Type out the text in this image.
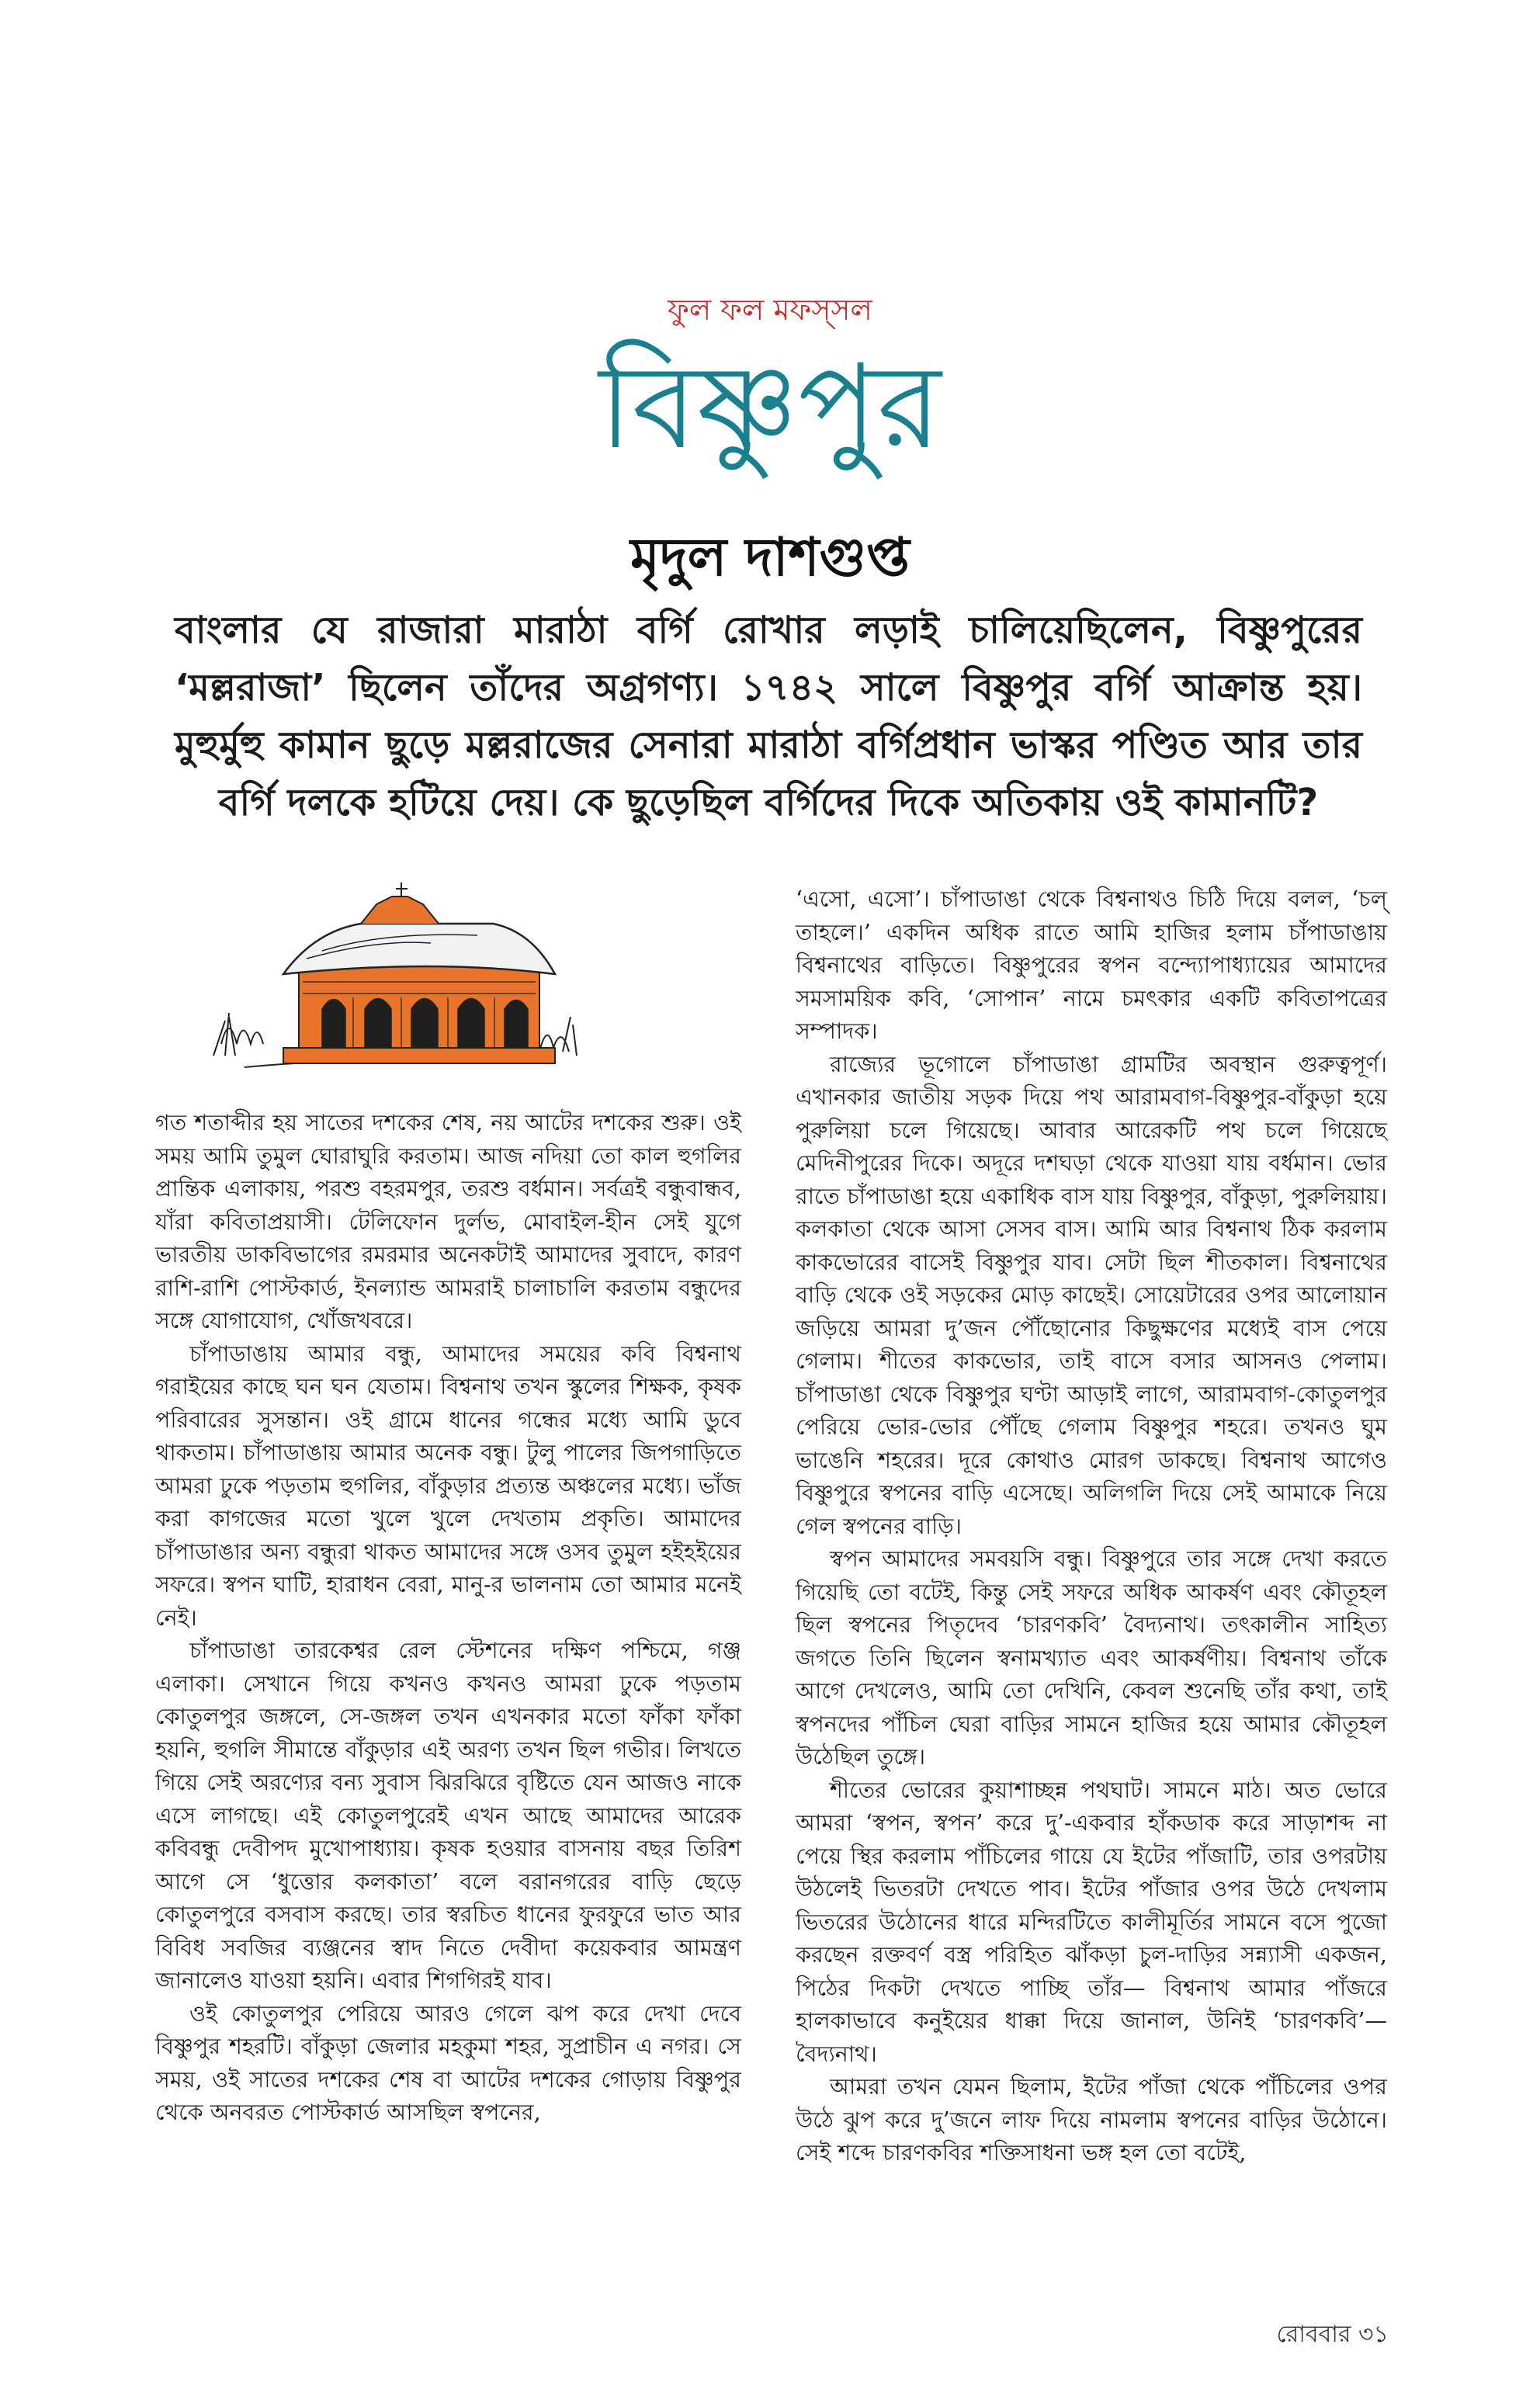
ফুল ফল মফস্‌সল
বিষ্ণুপুর
মৃদুল দাশগুপ্ত
বাংলার যে রাজারা মারাঠা বর্গি রোখার লড়াই চালিয়েছিলেন, বিষ্ণুপুরের ‘মল্লরাজা’ ছিলেন তাঁদের অগ্রগণ্য। ১৭৪২ সালে বিষ্ণুপুর বর্গি আক্রান্ত হয়। মুহুর্মুহু কামান ছুড়ে মল্লরাজের সেনারা মারাঠা বর্গিপ্রধান ভাস্কর পণ্ডিত আর তার বর্গি দলকে হটিয়ে দেয়। কে ছুড়েছিল বর্গিদের দিকে অতিকায় ওই কামানটি?

গত শতাব্দীর হয় সাতের দশকের শেষ, নয় আটের দশকের শুরু। ওই সময় আমি তুমুল ঘোরাঘুরি করতাম। আজ নদিয়া তো কাল হুগলির প্রান্তিক এলাকায়, পরশু বহরমপুর, তরশু বর্ধমান। সর্বত্রই বন্ধুবান্ধব, যাঁরা কবিতাপ্রয়াসী। টেলিফোন দুর্লভ, মোবাইল-হীন সেই যুগে ভারতীয় ডাকবিভাগের রমরমার অনেকটাই আমাদের সুবাদে, কারণ রাশি-রাশি পোস্টকার্ড, ইনল্যান্ড আমরাই চালাচালি করতাম বন্ধুদের সঙ্গে যোগাযোগ, খোঁজখবরে।

চাঁপাডাঙায় আমার বন্ধু, আমাদের সময়ের কবি বিশ্বনাথ গরাইয়ের কাছে ঘন ঘন যেতাম। বিশ্বনাথ তখন স্কুলের শিক্ষক, কৃষক পরিবারের সুসন্তান। ওই গ্রামে ধানের গন্ধের মধ্যে আমি ডুবে থাকতাম। চাঁপাডাঙায় আমার অনেক বন্ধু। টুলু পালের জিপগাড়িতে আমরা ঢুকে পড়তাম হুগলির, বাঁকুড়ার প্রত্যন্ত অঞ্চলের মধ্যে। ভাঁজ করা কাগজের মতো খুলে খুলে দেখতাম প্রকৃতি। আমাদের চাঁপাডাঙার অন্য বন্ধুরা থাকত আমাদের সঙ্গে ওসব তুমুল হইহইয়ের সফরে। স্বপন ঘাটি, হারাধন বেরা, মানু-র ভালনাম তো আমার মনেই নেই।

চাঁপাডাঙা তারকেশ্বর রেল স্টেশনের দক্ষিণ পশ্চিমে, গঞ্জ এলাকা। সেখানে গিয়ে কখনও কখনও আমরা ঢুকে পড়তাম কোতুলপুর জঙ্গলে, সে-জঙ্গল তখন এখনকার মতো ফাঁকা ফাঁকা হয়নি, হুগলি সীমান্তে বাঁকুড়ার এই অরণ্য তখন ছিল গভীর। লিখতে গিয়ে সেই অরণ্যের বন্য সুবাস ঝিরঝিরে বৃষ্টিতে যেন আজও নাকে এসে লাগছে। এই কোতুলপুরেই এখন আছে আমাদের আরেক কবিবন্ধু দেবীপদ মুখোপাধ্যায়। কৃষক হওয়ার বাসনায় বছর তিরিশ আগে সে ‘ধুত্তোর কলকাতা’ বলে বরানগরের বাড়ি ছেড়ে কোতুলপুরে বসবাস করছে। তার স্বরচিত ধানের ফুরফুরে ভাত আর বিবিধ সবজির ব্যঞ্জনের স্বাদ নিতে দেবীদা কয়েকবার আমন্ত্রণ জানালেও যাওয়া হয়নি। এবার শিগগিরই যাব।

ওই কোতুলপুর পেরিয়ে আরও গেলে ঝপ করে দেখা দেবে বিষ্ণুপুর শহরটি। বাঁকুড়া জেলার মহকুমা শহর, সুপ্রাচীন এ নগর। সে সময়, ওই সাতের দশকের শেষ বা আটের দশকের গোড়ায় বিষ্ণুপুর থেকে অনবরত পোস্টকার্ড আসছিল স্বপনের,

‘এসো, এসো’। চাঁপাডাঙা থেকে বিশ্বনাথও চিঠি দিয়ে বলল, ‘চল্‌ তাহলে।’ একদিন অধিক রাতে আমি হাজির হলাম চাঁপাডাঙায় বিশ্বনাথের বাড়িতে। বিষ্ণুপুরের স্বপন বন্দ্যোপাধ্যায়ের আমাদের সমসাময়িক কবি, ‘সোপান’ নামে চমৎকার একটি কবিতাপত্রের সম্পাদক।

রাজ্যের ভূগোলে চাঁপাডাঙা গ্রামটির অবস্থান গুরুত্বপূর্ণ। এখানকার জাতীয় সড়ক দিয়ে পথ আরামবাগ-বিষ্ণুপুর-বাঁকুড়া হয়ে পুরুলিয়া চলে গিয়েছে। আবার আরেকটি পথ চলে গিয়েছে মেদিনীপুরের দিকে। অদূরে দশঘড়া থেকে যাওয়া যায় বর্ধমান। ভোর রাতে চাঁপাডাঙা হয়ে একাধিক বাস যায় বিষ্ণুপুর, বাঁকুড়া, পুরুলিয়ায়। কলকাতা থেকে আসা সেসব বাস। আমি আর বিশ্বনাথ ঠিক করলাম কাকভোরের বাসেই বিষ্ণুপুর যাব। সেটা ছিল শীতকাল। বিশ্বনাথের বাড়ি থেকে ওই সড়কের মোড় কাছেই। সোয়েটারের ওপর আলোয়ান জড়িয়ে আমরা দু’জন পৌঁছোনোর কিছুক্ষণের মধ্যেই বাস পেয়ে গেলাম। শীতের কাকভোর, তাই বাসে বসার আসনও পেলাম। চাঁপাডাঙা থেকে বিষ্ণুপুর ঘণ্টা আড়াই লাগে, আরামবাগ-কোতুলপুর পেরিয়ে ভোর-ভোর পৌঁছে গেলাম বিষ্ণুপুর শহরে। তখনও ঘুম ভাঙেনি শহরের। দূরে কোথাও মোরগ ডাকছে। বিশ্বনাথ আগেও বিষ্ণুপুরে স্বপনের বাড়ি এসেছে। অলিগলি দিয়ে সেই আমাকে নিয়ে গেল স্বপনের বাড়ি।

স্বপন আমাদের সমবয়সি বন্ধু। বিষ্ণুপুরে তার সঙ্গে দেখা করতে গিয়েছি তো বটেই, কিন্তু সেই সফরে অধিক আকর্ষণ এবং কৌতূহল ছিল স্বপনের পিতৃদেব ‘চারণকবি’ বৈদ্যনাথ। তৎকালীন সাহিত্য জগতে তিনি ছিলেন স্বনামখ্যাত এবং আকর্ষণীয়। বিশ্বনাথ তাঁকে আগে দেখলেও, আমি তো দেখিনি, কেবল শুনেছি তাঁর কথা, তাই স্বপনদের পাঁচিল ঘেরা বাড়ির সামনে হাজির হয়ে আমার কৌতূহল উঠেছিল তুঙ্গে।

শীতের ভোরের কুয়াশাচ্ছন্ন পথঘাট। সামনে মাঠ। অত ভোরে আমরা ‘স্বপন, স্বপন’ করে দু’-একবার হাঁকডাক করে সাড়াশব্দ না পেয়ে স্থির করলাম পাঁচিলের গায়ে যে ইটের পাঁজাটি, তার ওপরটায় উঠলেই ভিতরটা দেখতে পাব। ইটের পাঁজার ওপর উঠে দেখলাম ভিতরের উঠোনের ধারে মন্দিরটিতে কালীমূর্তির সামনে বসে পুজো করছেন রক্তবর্ণ বস্ত্র পরিহিত ঝাঁকড়া চুল-দাড়ির সন্ন্যাসী একজন, পিঠের দিকটা দেখতে পাচ্ছি তাঁর— বিশ্বনাথ আমার পাঁজরে হালকাভাবে কনুইয়ের ধাক্কা দিয়ে জানাল, উনিই ‘চারণকবি’— বৈদ্যনাথ।

আমরা তখন যেমন ছিলাম, ইটের পাঁজা থেকে পাঁচিলের ওপর উঠে ঝুপ করে দু’জনে লাফ দিয়ে নামলাম স্বপনের বাড়ির উঠোনে। সেই শব্দে চারণকবির শক্তিসাধনা ভঙ্গ হল তো বটেই,

রোববার ৩১
